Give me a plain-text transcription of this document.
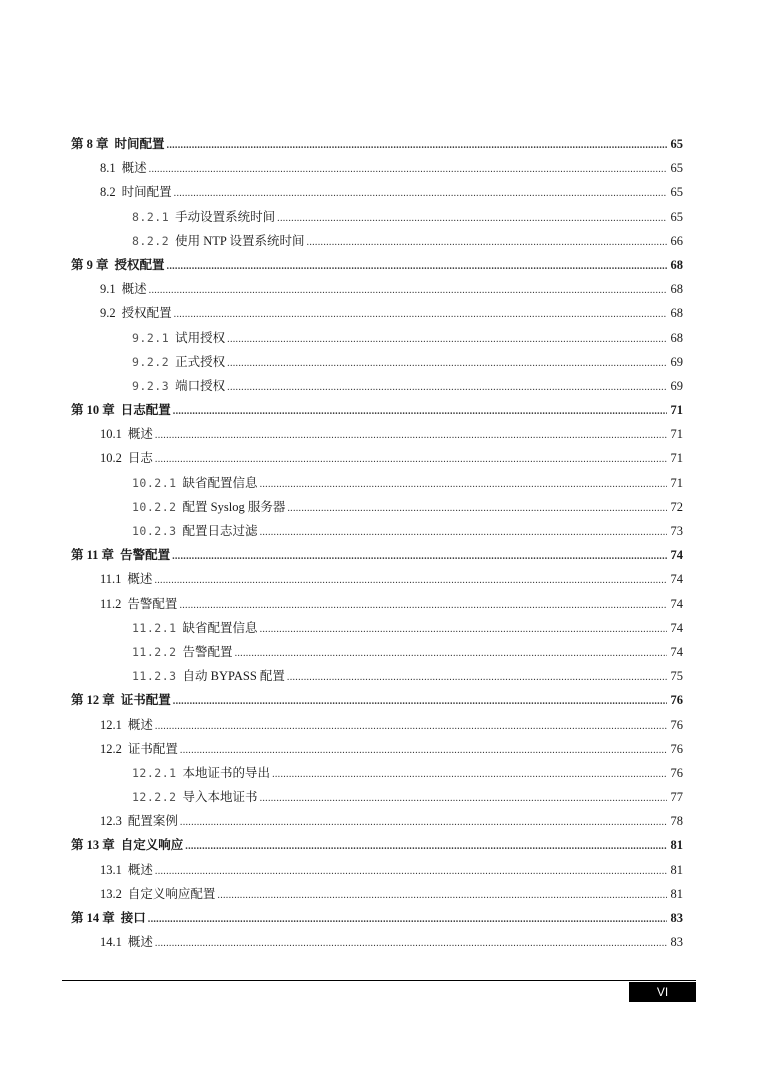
第 8 章 时间配置 .....	65
8.1 概述 .....	65
8.2 时间配置 .....	65
8.2.1 手动设置系统时间 .....	65
8.2.2 使用 NTP 设置系统时间 .....	66
第 9 章 授权配置 .....	68
9.1 概述 .....	68
9.2 授权配置 .....	68
9.2.1 试用授权 .....	68
9.2.2 正式授权 .....	69
9.2.3 端口授权 .....	69
第 10 章 日志配置 .....	71
10.1 概述 .....	71
10.2 日志 .....	71
10.2.1 缺省配置信息 .....	71
10.2.2 配置 Syslog 服务器 .....	72
10.2.3 配置日志过滤 .....	73
第 11 章 告警配置 .....	74
11.1 概述 .....	74
11.2 告警配置 .....	74
11.2.1 缺省配置信息 .....	74
11.2.2 告警配置 .....	74
11.2.3 自动 BYPASS 配置 .....	75
第 12 章 证书配置 .....	76
12.1 概述 .....	76
12.2 证书配置 .....	76
12.2.1 本地证书的导出 .....	76
12.2.2 导入本地证书 .....	77
12.3 配置案例 .....	78
第 13 章 自定义响应 .....	81
13.1 概述 .....	81
13.2 自定义响应配置 .....	81
第 14 章 接口 .....	83
14.1 概述 .....	83
VI
